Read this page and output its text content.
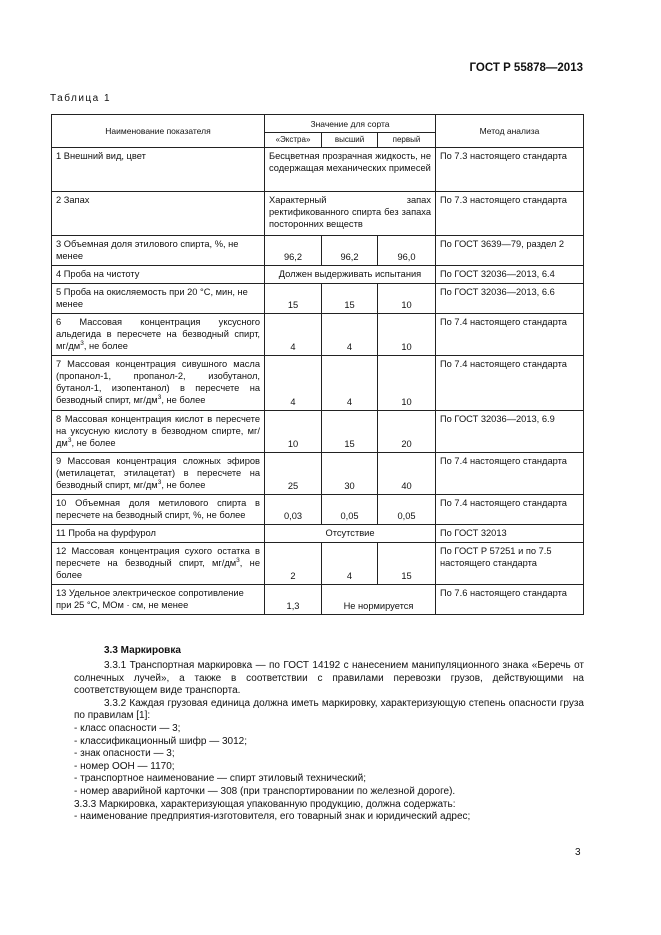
ГОСТ Р 55878—2013
Таблица 1
Наименование показателя	Значение для сорта			Метод анализа
	«Экстра»	высший	первый	
1 Внешний вид, цвет	Бесцветная прозрачная жидкость, не содержащая механических примесей			По 7.3 настоящего стандарта
2 Запах	Характерный запах ректификованного спирта без запаха посторонних веществ			По 7.3 настоящего стандарта
3 Объемная доля этилового спирта, %, не менее	96,2	96,2	96,0	По ГОСТ 3639—79, раздел 2
4 Проба на чистоту	Должен выдерживать испытания			По ГОСТ 32036—2013, 6.4
5 Проба на окисляемость при 20 °С, мин, не менее	15	15	10	По ГОСТ 32036—2013, 6.6
6 Массовая концентрация уксусного альдегида в пересчете на безводный спирт, $мг/дм^3$, не более	4	4	10	По 7.4 настоящего стандарта
7 Массовая концентрация сивушного масла (пропанол-1, пропанол-2, изобутанол, бутанол-1, изопентанол) в пересчете на безводный спирт, $мг/дм^3$, не более	4	4	10	По 7.4 настоящего стандарта
8 Массовая концентрация кислот в пересчете на уксусную кислоту в безводном спирте, $мг/дм^3$, не более	10	15	20	По ГОСТ 32036—2013, 6.9
9 Массовая концентрация сложных эфиров (метилацетат, этилацетат) в пересчете на безводный спирт, $мг/дм^3$, не более	25	30	40	По 7.4 настоящего стандарта
10 Объемная доля метилового спирта в пересчете на безводный спирт, %, не более	0,03	0,05	0,05	По 7.4 настоящего стандарта
11 Проба на фурфурол	Отсутствие			По ГОСТ 32013
12 Массовая концентрация сухого остатка в пересчете на безводный спирт, $мг/дм^3$, не более	2	4	15	По ГОСТ Р 57251 и по 7.5 настоящего стандарта
13 Удельное электрическое сопротивление при 25 °С, МОм · см, не менее	1,3	Не нормируется		По 7.6 настоящего стандарта
3.3 Маркировка

3.3.1 Транспортная маркировка — по ГОСТ 14192 с нанесением манипуляционного знака «Беречь от солнечных лучей», а также в соответствии с правилами перевозки грузов, действующими на соответствующем виде транспорта.

3.3.2 Каждая грузовая единица должна иметь маркировку, характеризующую степень опасности груза по правилам [1]:

- класс опасности — 3;

- классификационный шифр — 3012;

- знак опасности — 3;

- номер ООН — 1170;

- транспортное наименование — спирт этиловый технический;

- номер аварийной карточки — 308 (при транспортировании по железной дороге).

3.3.3 Маркировка, характеризующая упакованную продукцию, должна содержать:

- наименование предприятия-изготовителя, его товарный знак и юридический адрес;

3
